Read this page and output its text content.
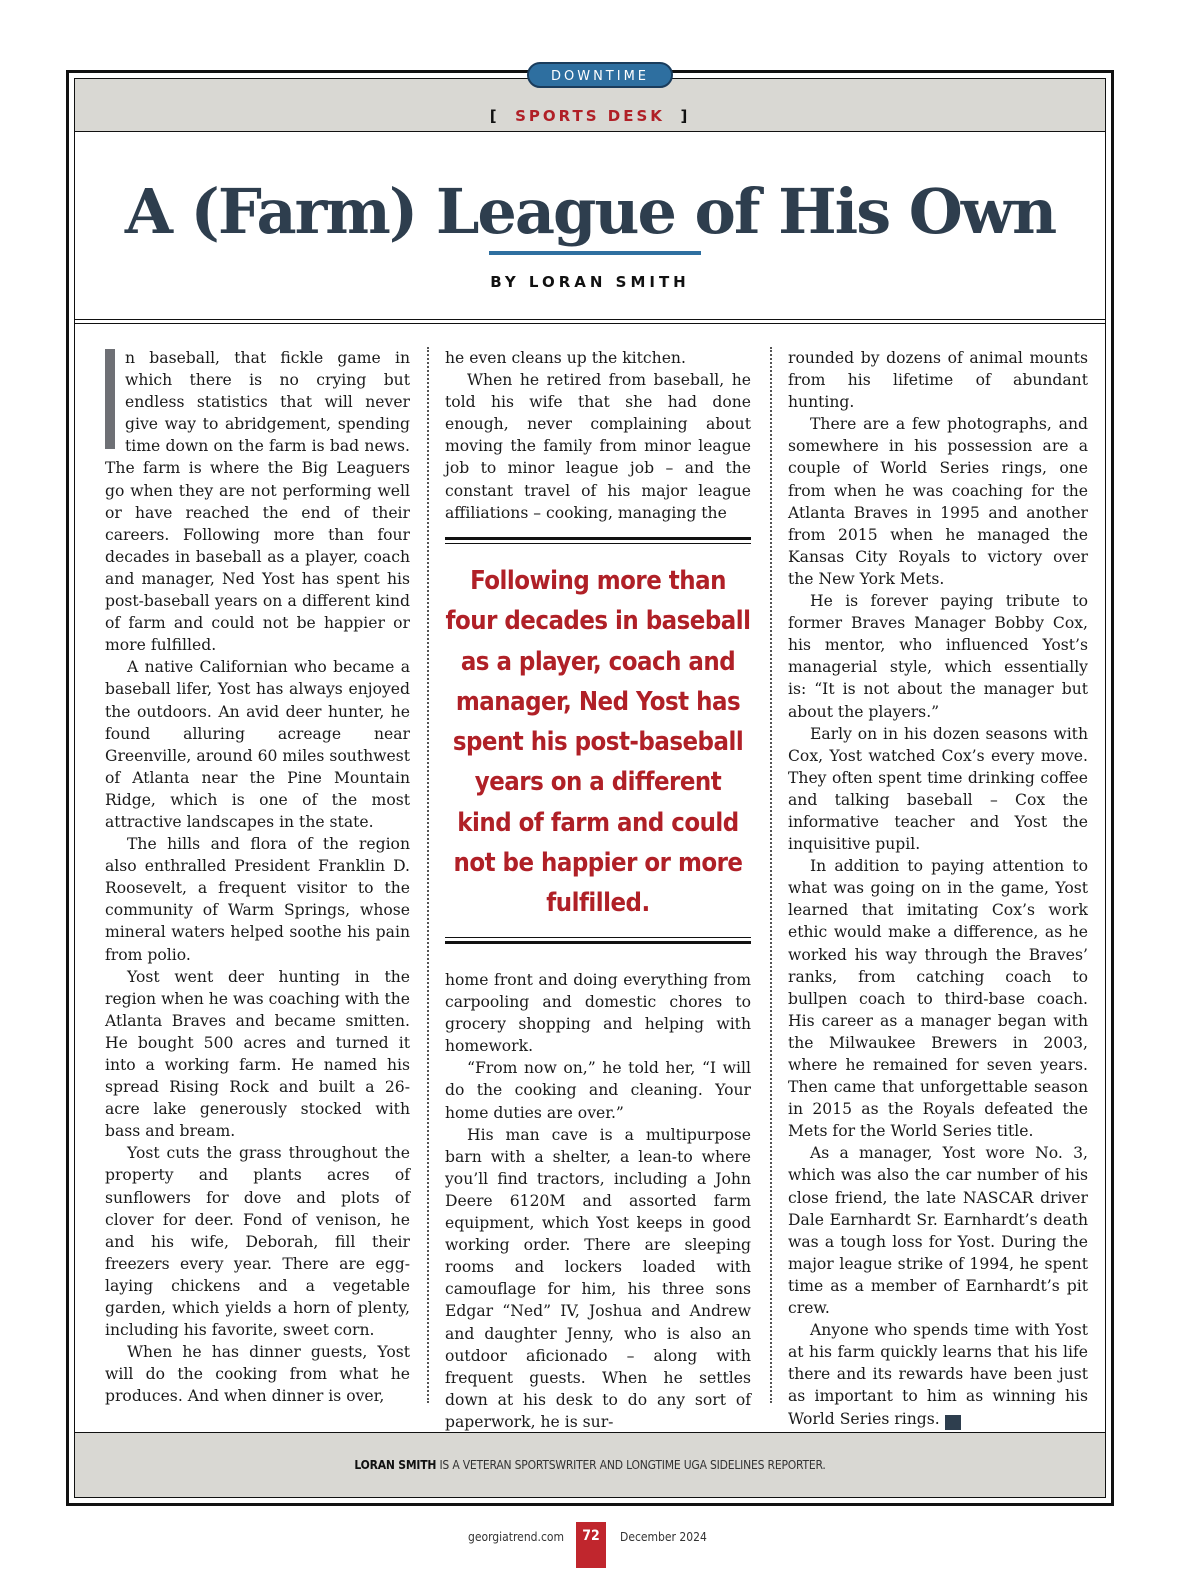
[ SPORTS DESK ]
A (Farm) League of His Own
BY LORAN SMITH

n baseball, that fickle game in which there is no crying but endless statistics that will never give way to abridgement, spending time down on the farm is bad news. The farm is where the Big Leaguers go when they are not performing well or have reached the end of their careers. Following more than four decades in baseball as a player, coach and manager, Ned Yost has spent his post-baseball years on a different kind of farm and could not be happier or more fulfilled.

A native Californian who became a baseball lifer, Yost has always enjoyed the outdoors. An avid deer hunter, he found alluring acreage near Greenville, around 60 miles southwest of Atlanta near the Pine Mountain Ridge, which is one of the most attractive landscapes in the state.

The hills and flora of the region also enthralled President Franklin D. Roosevelt, a frequent visitor to the community of Warm Springs, whose mineral waters helped soothe his pain from polio.

Yost went deer hunting in the region when he was coaching with the Atlanta Braves and became smitten. He bought 500 acres and turned it into a working farm. He named his spread Rising Rock and built a 26-acre lake generously stocked with bass and bream.

Yost cuts the grass throughout the property and plants acres of sunflowers for dove and plots of clover for deer. Fond of venison, he and his wife, Deborah, fill their freezers every year. There are egg-laying chickens and a vegetable garden, which yields a horn of plenty, including his favorite, sweet corn.

When he has dinner guests, Yost will do the cooking from what he produces. And when dinner is over,

he even cleans up the kitchen.

When he retired from baseball, he told his wife that she had done enough, never complaining about moving the family from minor league job to minor league job – and the constant travel of his major league affiliations – cooking, managing the

Following more than four decades in baseball as a player, coach and manager, Ned Yost has spent his post-baseball years on a different kind of farm and could not be happier or more fulfilled.

home front and doing everything from carpooling and domestic chores to grocery shopping and helping with homework.

“From now on,” he told her, “I will do the cooking and cleaning. Your home duties are over.”

His man cave is a multipurpose barn with a shelter, a lean-to where you’ll find tractors, including a John Deere 6120M and assorted farm equipment, which Yost keeps in good working order. There are sleeping rooms and lockers loaded with camouflage for him, his three sons Edgar “Ned” IV, Joshua and Andrew and daughter Jenny, who is also an outdoor aficionado – along with frequent guests. When he settles down at his desk to do any sort of paperwork, he is sur-

rounded by dozens of animal mounts from his lifetime of abundant hunting.

There are a few photographs, and somewhere in his possession are a couple of World Series rings, one from when he was coaching for the Atlanta Braves in 1995 and another from 2015 when he managed the Kansas City Royals to victory over the New York Mets.

He is forever paying tribute to former Braves Manager Bobby Cox, his mentor, who influenced Yost’s managerial style, which essentially is: “It is not about the manager but about the players.”

Early on in his dozen seasons with Cox, Yost watched Cox’s every move. They often spent time drinking coffee and talking baseball – Cox the informative teacher and Yost the inquisitive pupil.

In addition to paying attention to what was going on in the game, Yost learned that imitating Cox’s work ethic would make a difference, as he worked his way through the Braves’ ranks, from catching coach to bullpen coach to third-base coach. His career as a manager began with the Milwaukee Brewers in 2003, where he remained for seven years. Then came that unforgettable season in 2015 as the Royals defeated the Mets for the World Series title.

As a manager, Yost wore No. 3, which was also the car number of his close friend, the late NASCAR driver Dale Earnhardt Sr. Earnhardt’s death was a tough loss for Yost. During the major league strike of 1994, he spent time as a member of Earnhardt’s pit crew.

Anyone who spends time with Yost at his farm quickly learns that his life there and its rewards have been just as important to him as winning his World Series rings.	GT

LORAN SMITH IS A VETERAN SPORTSWRITER AND LONGTIME UGA SIDELINES REPORTER.
DOWNTIME
georgiatrend.com	72	December 2024
